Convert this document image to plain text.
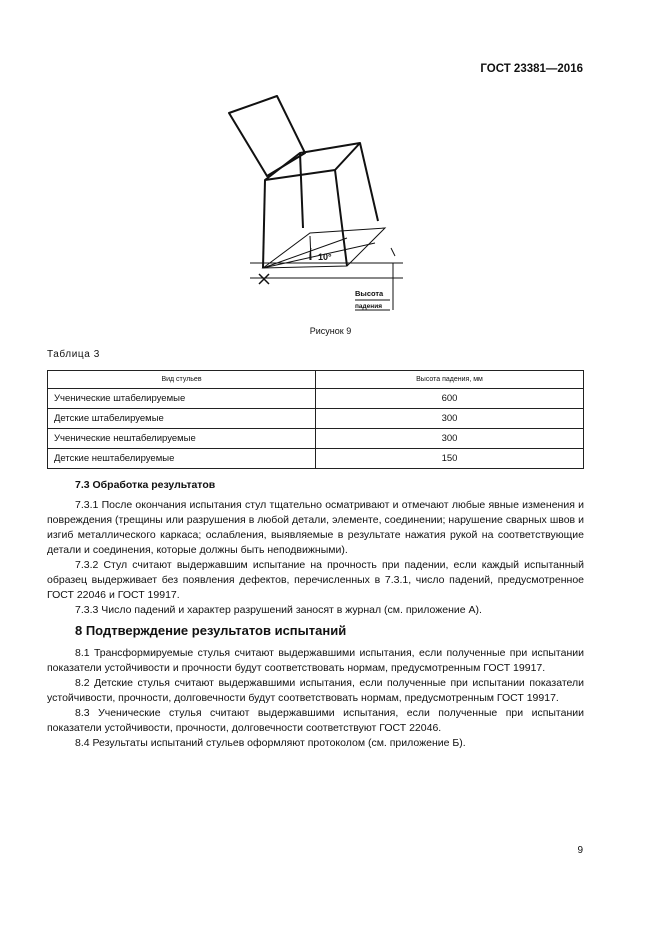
ГОСТ 23381—2016
10°
Высота
падения
Рисунок 9
Таблица 3
Вид стульев	Высота падения, мм
Ученические штабелируемые	600
Детские штабелируемые	300
Ученические нештабелируемые	300
Детские нештабелируемые	150

7.3 Обработка результатов

7.3.1 После окончания испытания стул тщательно осматривают и отмечают любые явные изменения и повреждения (трещины или разрушения в любой детали, элементе, соединении; нарушение сварных швов и изгиб металлического каркаса; ослабления, выявляемые в результате нажатия рукой на соответствующие детали и соединения, которые должны быть неподвижными).

7.3.2 Стул считают выдержавшим испытание на прочность при падении, если каждый испытанный образец выдерживает без появления дефектов, перечисленных в 7.3.1, число падений, предусмотренное ГОСТ 22046 и ГОСТ 19917.

7.3.3 Число падений и характер разрушений заносят в журнал (см. приложение А).

8 Подтверждение результатов испытаний

8.1 Трансформируемые стулья считают выдержавшими испытания, если полученные при испытании показатели устойчивости и прочности будут соответствовать нормам, предусмотренным ГОСТ 19917.

8.2 Детские стулья считают выдержавшими испытания, если полученные при испытании показатели устойчивости, прочности, долговечности будут соответствовать нормам, предусмотренным ГОСТ 19917.

8.3 Ученические стулья считают выдержавшими испытания, если полученные при испытании показатели устойчивости, прочности, долговечности соответствуют ГОСТ 22046.

8.4 Результаты испытаний стульев оформляют протоколом (см. приложение Б).

9
